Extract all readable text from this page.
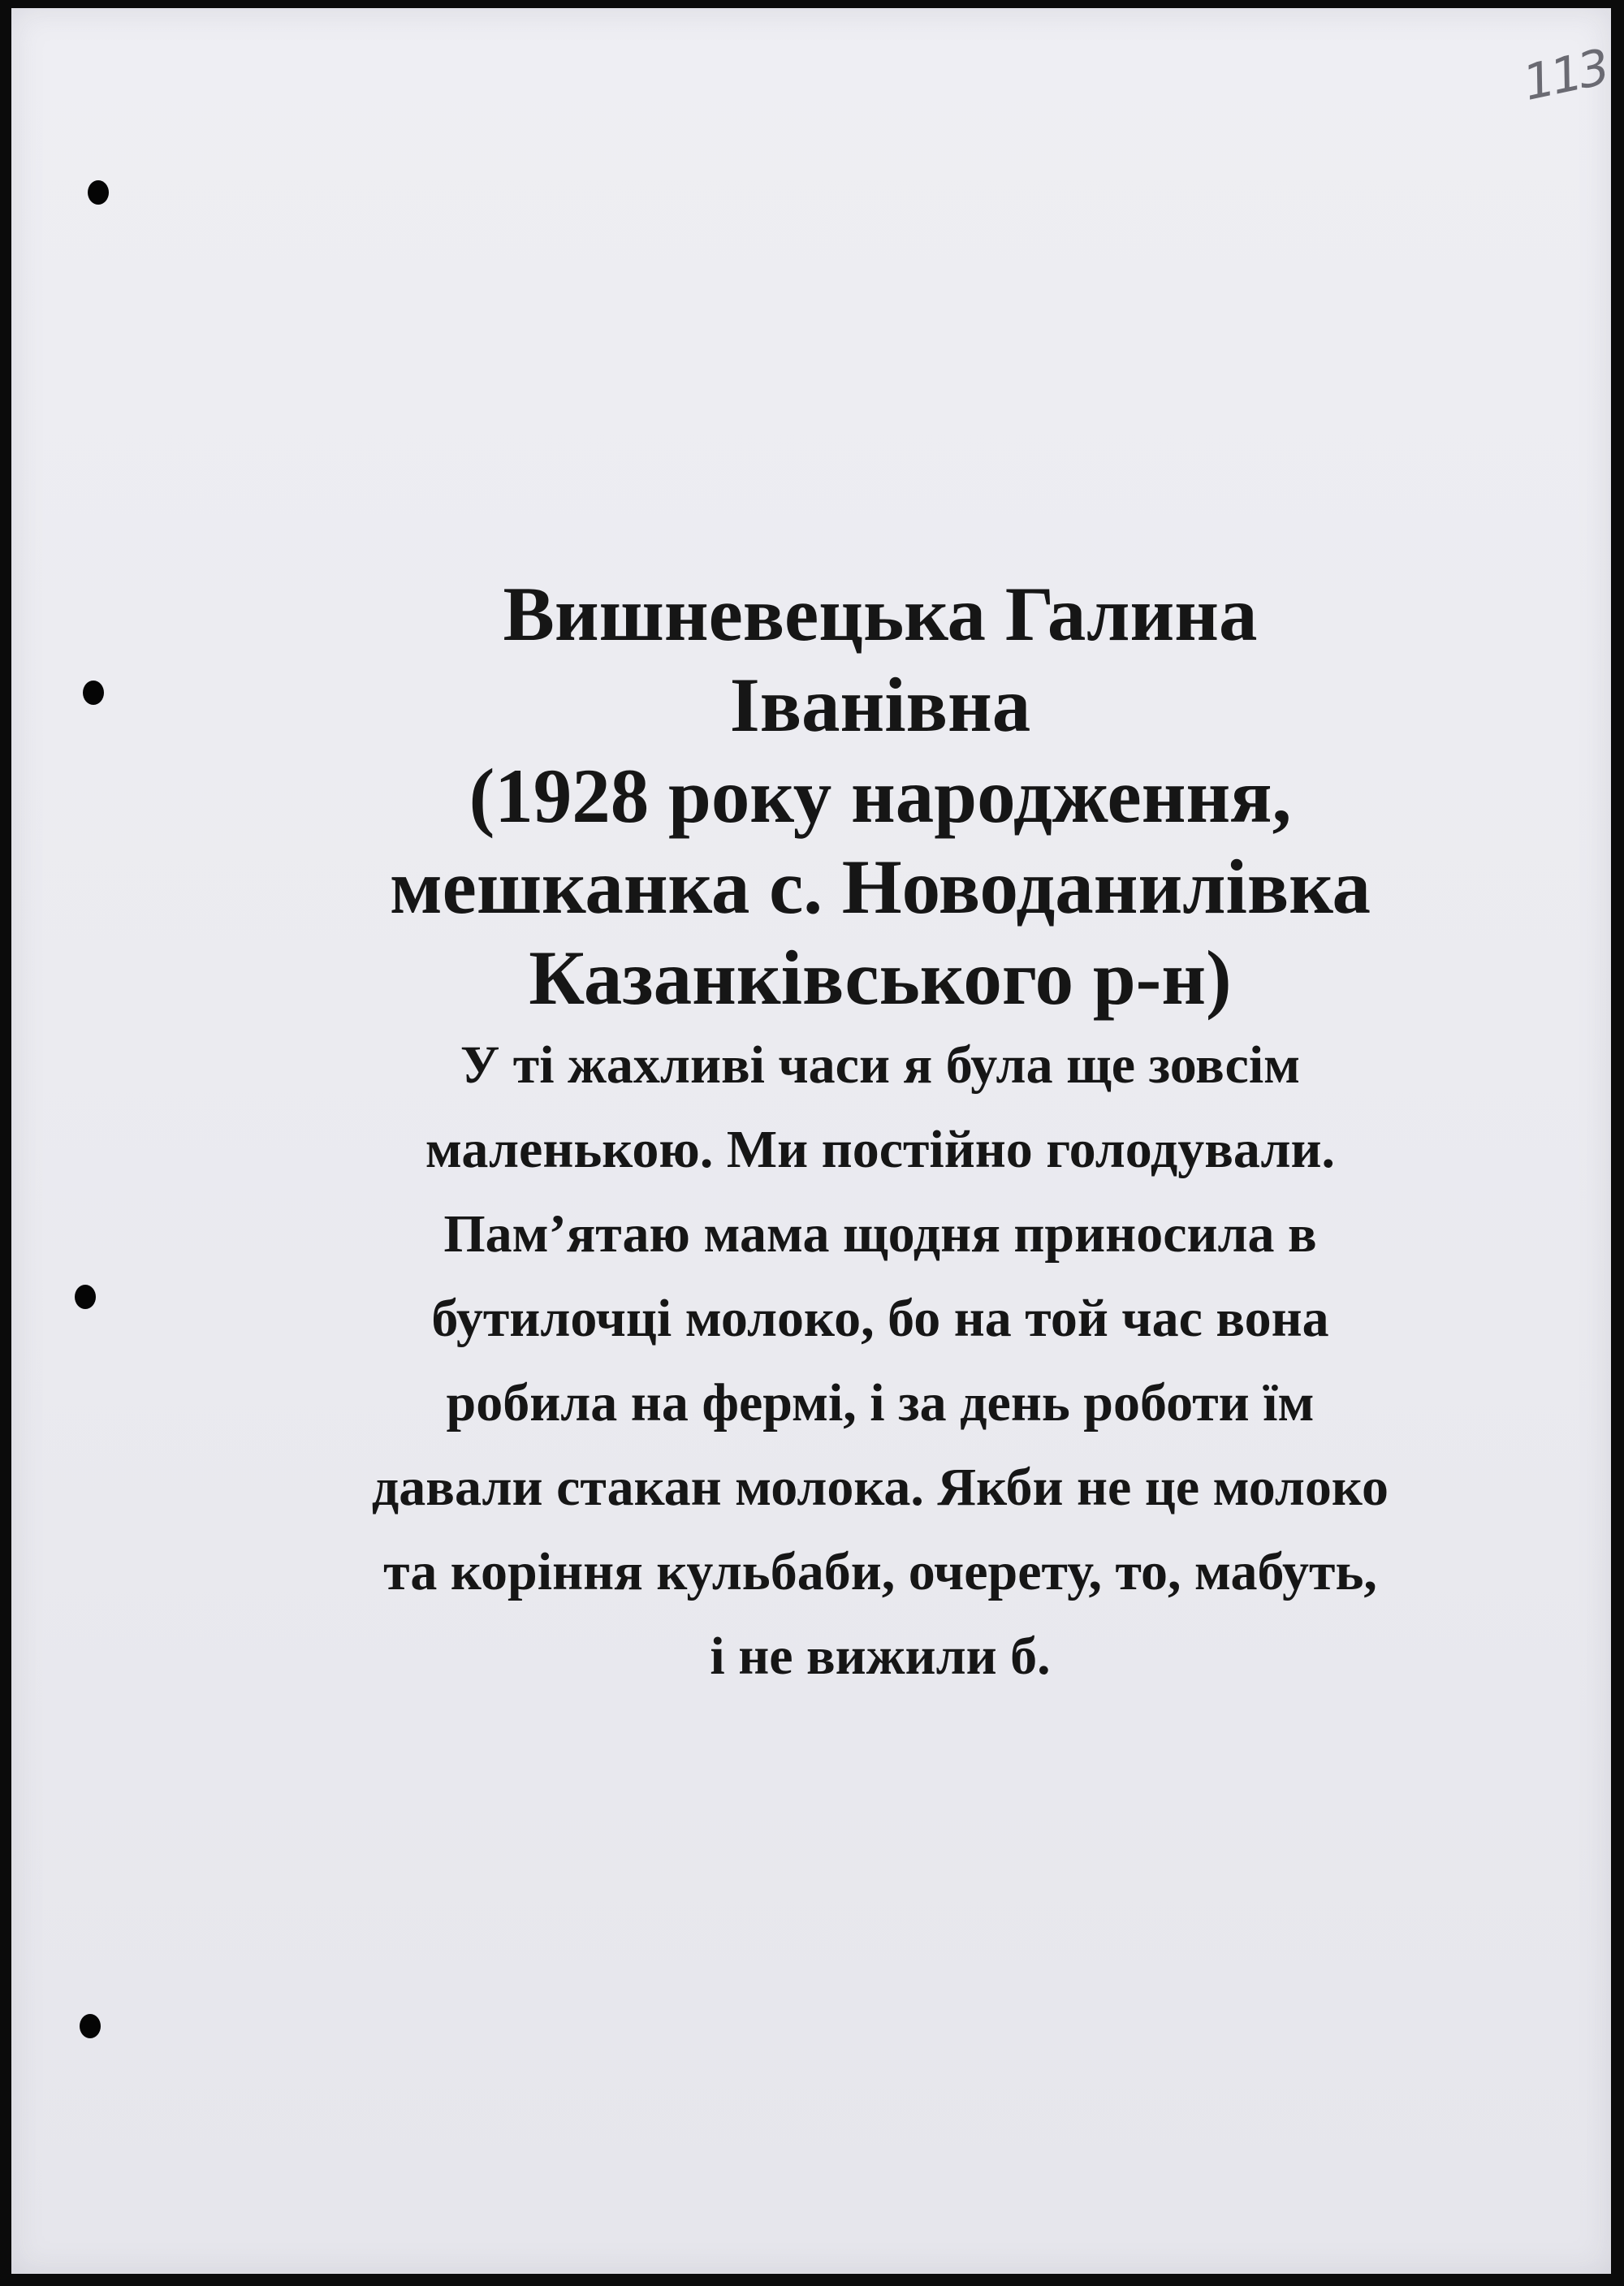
113
Вишневецька Галина
Іванівна
(1928 року народження,
мешканка с. Новоданилівка
Казанківського р-н)

У ті жахливі часи я була ще зовсім
маленькою. Ми постійно голодували.
Пам’ятаю мама щодня приносила в
бутилочці молоко, бо на той час вона
робила на фермі, і за день роботи їм
давали стакан молока. Якби не це молоко
та коріння кульбаби, очерету, то, мабуть,
і не вижили б.
